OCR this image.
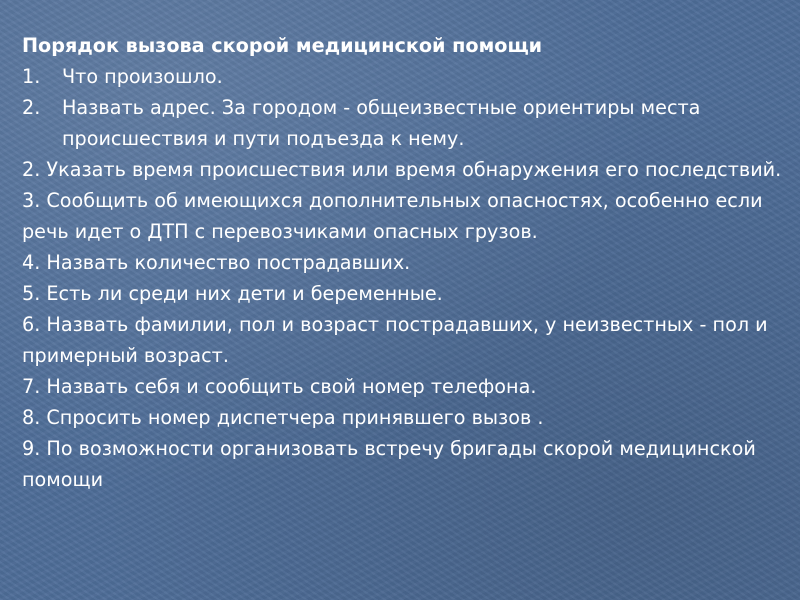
Порядок вызова скорой медицинской помощи
1.	Что произошло.
2.	Назвать адрес. За городом - общеизвестные ориентиры места происшествия и пути подъезда к нему.
2. Указать время происшествия или время обнаружения его последствий.
3. Сообщить об имеющихся дополнительных опасностях, особенно если речь идет о ДТП с перевозчиками опасных грузов.
4. Назвать количество пострадавших.
5. Есть ли среди них дети и беременные.
6. Назвать фамилии, пол и возраст пострадавших, у неизвестных - пол и примерный возраст.
7. Назвать себя и сообщить свой номер телефона.
8. Спросить номер диспетчера принявшего вызов .
9. По возможности организовать встречу бригады скорой медицинской помощи
